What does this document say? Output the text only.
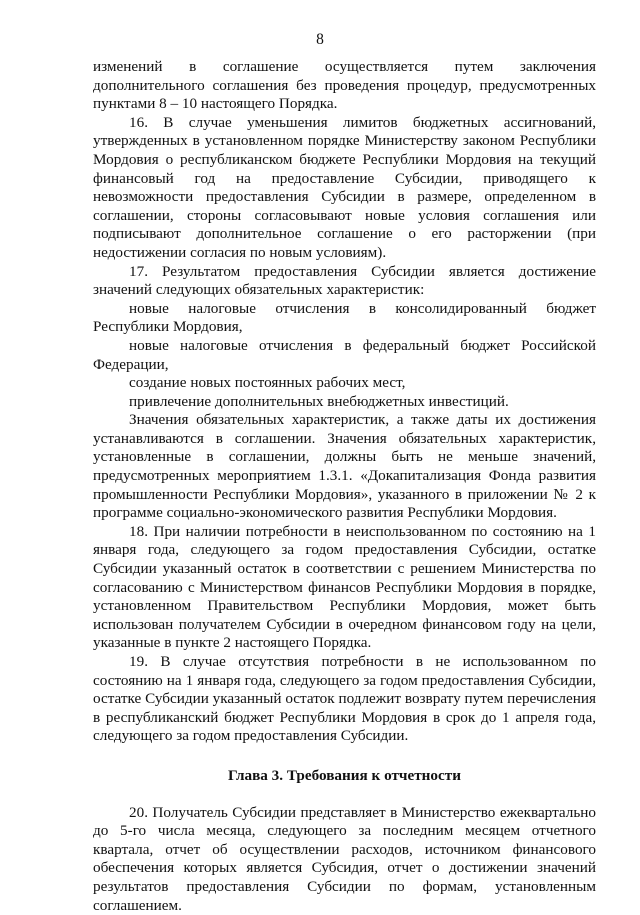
8

изменений в соглашение осуществляется путем заключения дополнительного соглашения без проведения процедур, предусмотренных пунктами 8 – 10 настоящего Порядка.

16. В случае уменьшения лимитов бюджетных ассигнований, утвержденных в установленном порядке Министерству законом Республики Мордовия о республиканском бюджете Республики Мордовия на текущий финансовый год на предоставление Субсидии, приводящего к невозможности предоставления Субсидии в размере, определенном в соглашении, стороны согласовывают новые условия соглашения или подписывают дополнительное соглашение о его расторжении (при недостижении согласия по новым условиям).

17. Результатом предоставления Субсидии является достижение значений следующих обязательных характеристик:

новые налоговые отчисления в консолидированный бюджет Республики Мордовия,

новые налоговые отчисления в федеральный бюджет Российской Федерации,

создание новых постоянных рабочих мест,

привлечение дополнительных внебюджетных инвестиций.

Значения обязательных характеристик, а также даты их достижения устанавливаются в соглашении. Значения обязательных характеристик, установленные в соглашении, должны быть не меньше значений, предусмотренных мероприятием 1.3.1. «Докапитализация Фонда развития промышленности Республики Мордовия», указанного в приложении № 2 к программе социально-экономического развития Республики Мордовия.

18. При наличии потребности в неиспользованном по состоянию на 1 января года, следующего за годом предоставления Субсидии, остатке Субсидии указанный остаток в соответствии с решением Министерства по согласованию с Министерством финансов Республики Мордовия в порядке, установленном Правительством Республики Мордовия, может быть использован получателем Субсидии в очередном финансовом году на цели, указанные в пункте 2 настоящего Порядка.

19. В случае отсутствия потребности в не использованном по состоянию на 1 января года, следующего за годом предоставления Субсидии, остатке Субсидии указанный остаток подлежит возврату путем перечисления в республиканский бюджет Республики Мордовия в срок до 1 апреля года, следующего за годом предоставления Субсидии.

Глава 3. Требования к отчетности

20. Получатель Субсидии представляет в Министерство ежеквартально до 5-го числа месяца, следующего за последним месяцем отчетного квартала, отчет об осуществлении расходов, источником финансового обеспечения которых является Субсидия, отчет о достижении значений результатов предоставления Субсидии по формам, установленным соглашением.
